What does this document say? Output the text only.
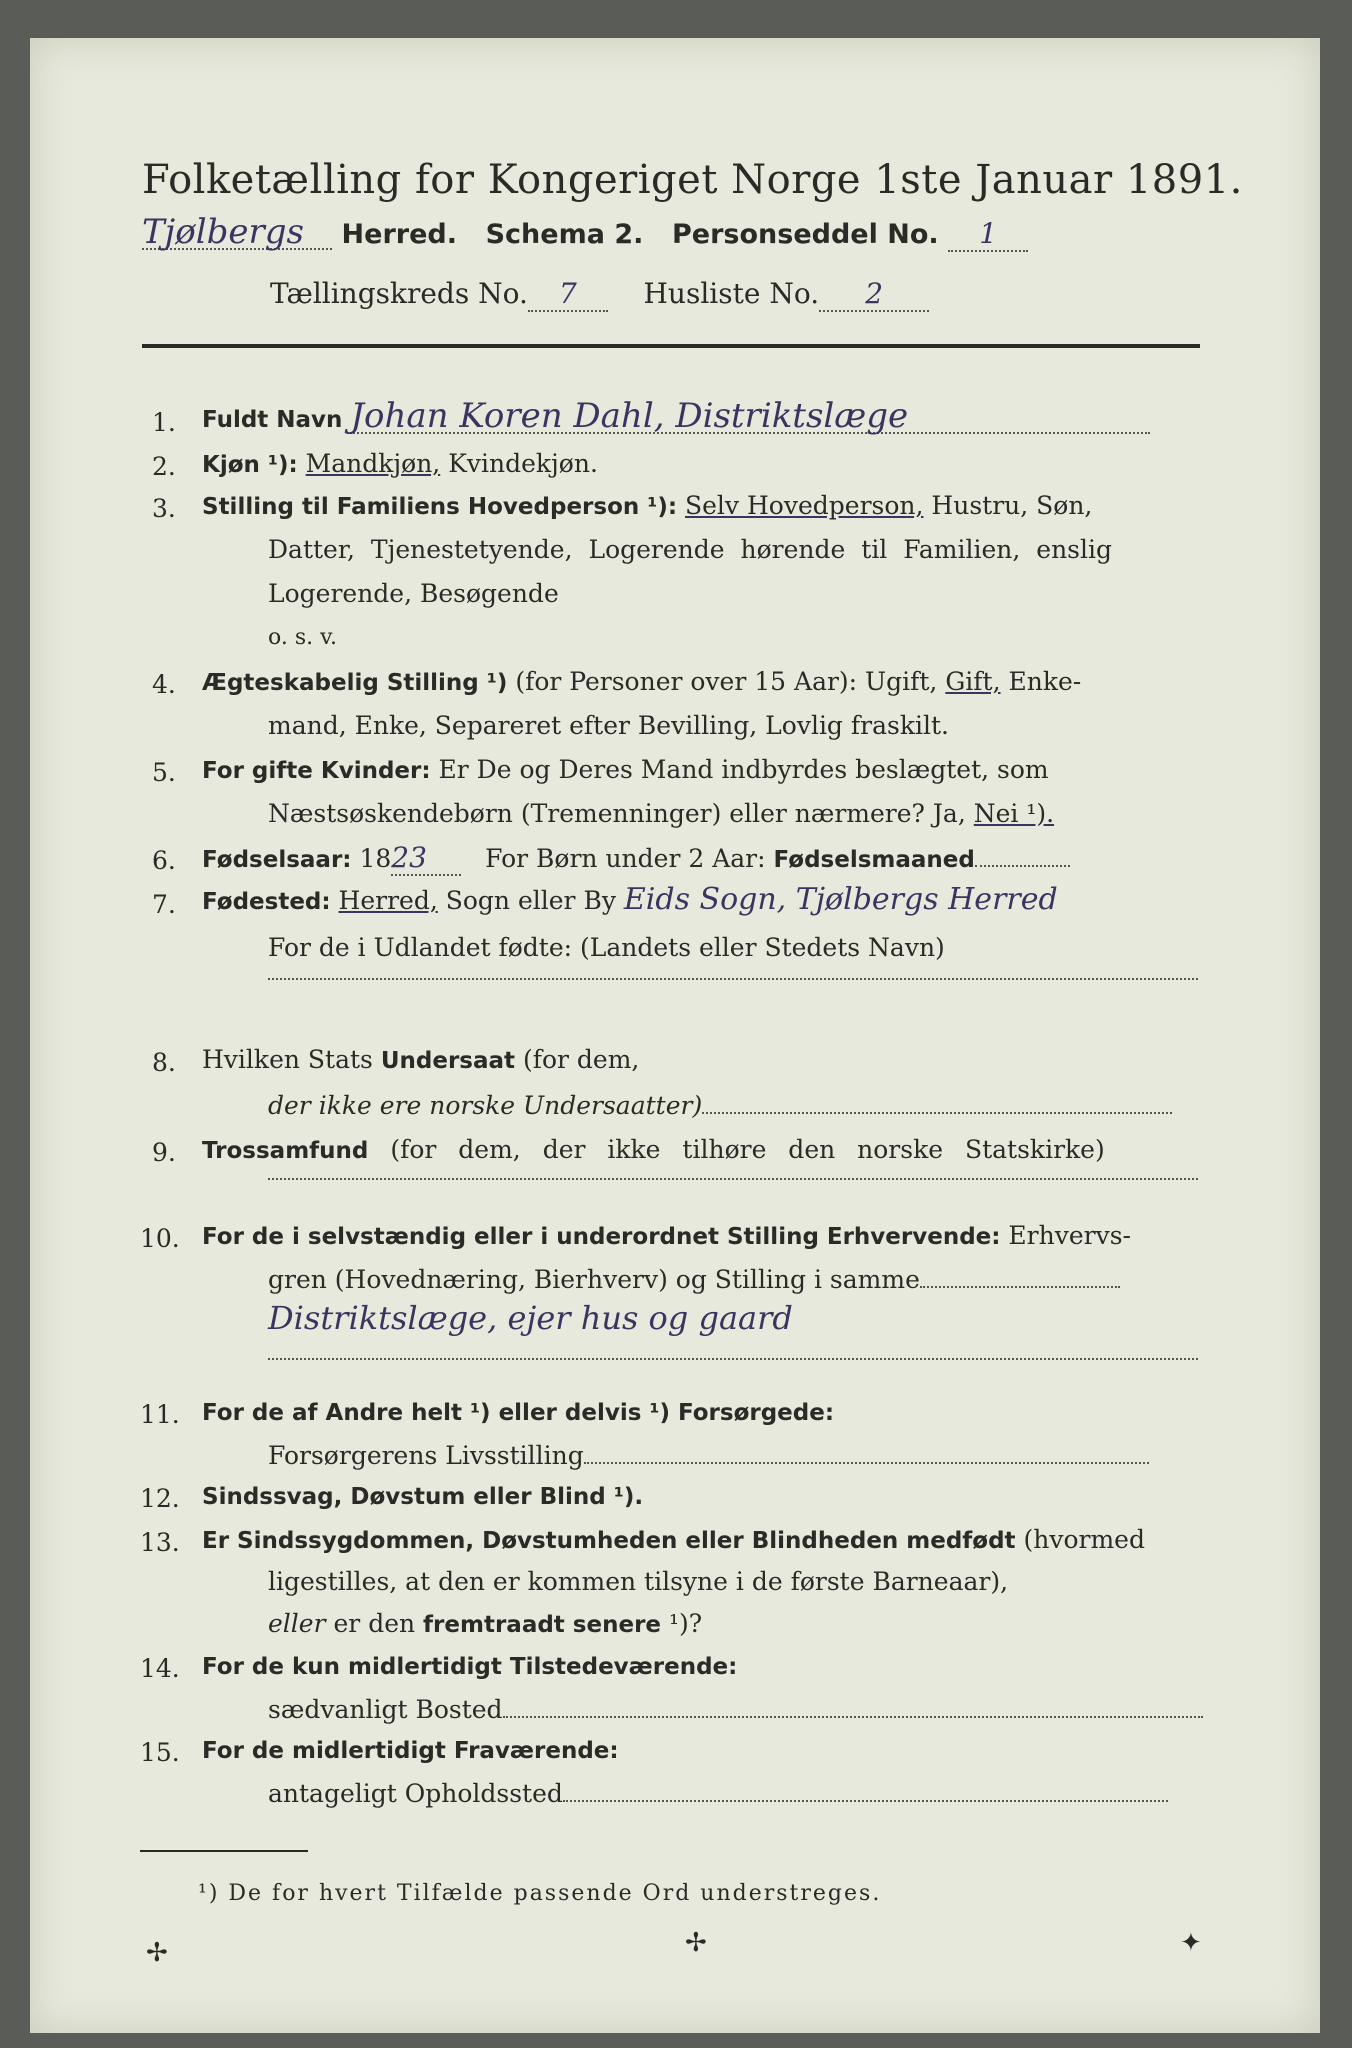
Folketælling for Kongeriget Norge 1ste Januar 1891.
Tjølbergs Herred. Schema 2. Personseddel No. 1
Tællingskreds No. 7 Husliste No. 2
1. Fuldt Navn Johan Koren Dahl, Distriktslæge
2. Kjøn ¹): Mandkjøn, Kvindekjøn.
3. Stilling til Familiens Hovedperson ¹): Selv Hovedperson, Hustru, Søn,
Datter, Tjenestetyende, Logerende hørende til Familien, enslig
Logerende, Besøgende
o. s. v.
4. Ægteskabelig Stilling ¹) (for Personer over 15 Aar): Ugift, Gift, Enke-
mand, Enke, Separeret efter Bevilling, Lovlig fraskilt.
5. For gifte Kvinder: Er De og Deres Mand indbyrdes beslægtet, som
Næstsøskendebørn (Tremenninger) eller nærmere? Ja, Nei ¹).
6. Fødselsaar: 1823 For Børn under 2 Aar: Fødselsmaaned
7. Fødested: Herred, Sogn eller By Eids Sogn, Tjølbergs Herred
For de i Udlandet fødte: (Landets eller Stedets Navn)
8. Hvilken Stats Undersaat (for dem,
der ikke ere norske Undersaatter)
9. Trossamfund (for dem, der ikke tilhøre den norske Statskirke)
10. For de i selvstændig eller i underordnet Stilling Erhvervende: Erhvervs-
gren (Hovednæring, Bierhverv) og Stilling i samme
Distriktslæge, ejer hus og gaard
11. For de af Andre helt ¹) eller delvis ¹) Forsørgede:
Forsørgerens Livsstilling
12. Sindssvag, Døvstum eller Blind ¹).
13. Er Sindssygdommen, Døvstumheden eller Blindheden medfødt (hvormed
ligestilles, at den er kommen tilsyne i de første Barneaar),
eller er den fremtraadt senere ¹)?
14. For de kun midlertidigt Tilstedeværende:
sædvanligt Bosted
15. For de midlertidigt Fraværende:
antageligt Opholdssted
¹) De for hvert Tilfælde passende Ord understreges.
✢	✢	✦
